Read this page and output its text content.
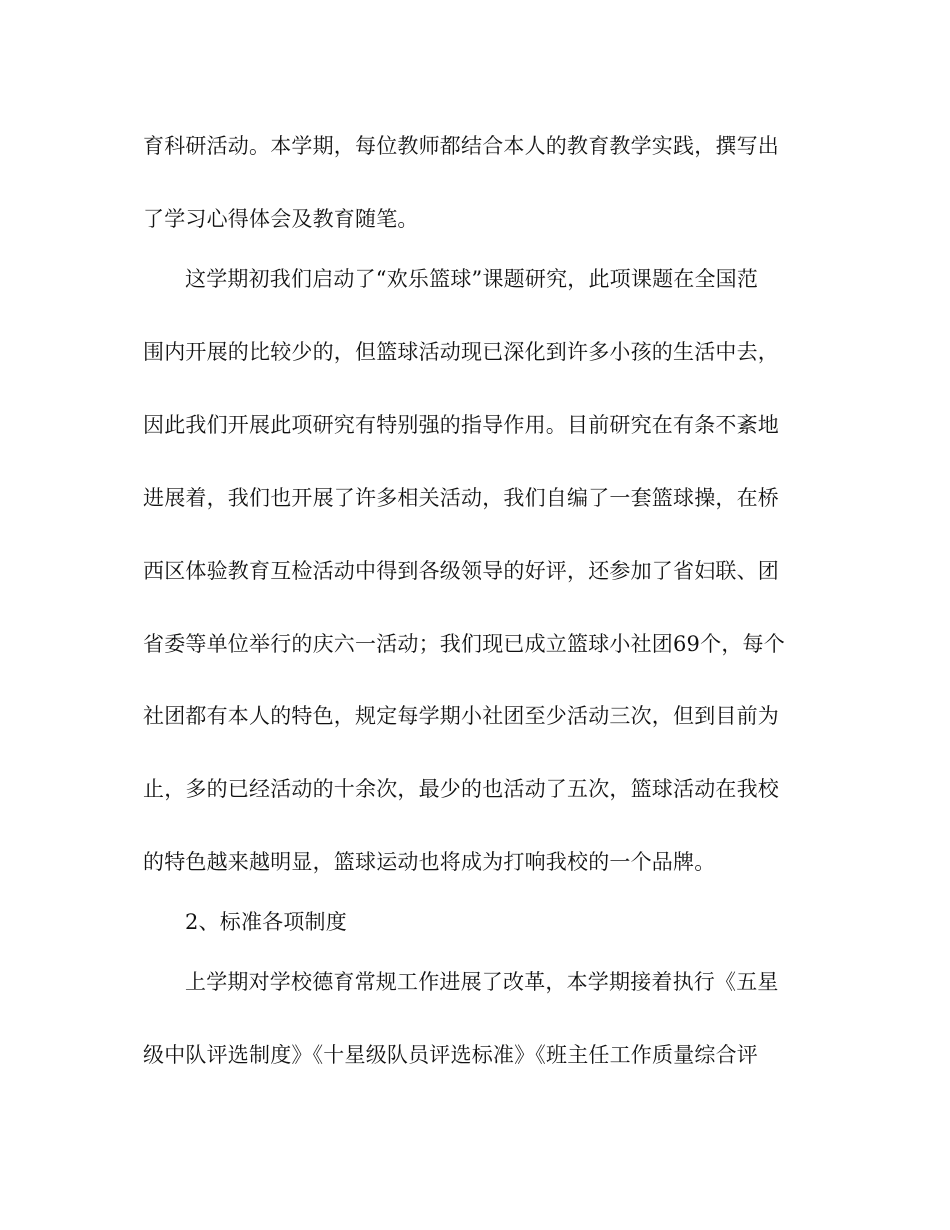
育科研活动。本学期，每位教师都结合本人的教育教学实践，撰写出
了学习心得体会及教育随笔。
这学期初我们启动了“欢乐篮球”课题研究，此项课题在全国范
围内开展的比较少的，但篮球活动现已深化到许多小孩的生活中去，
因此我们开展此项研究有特别强的指导作用。目前研究在有条不紊地
进展着，我们也开展了许多相关活动，我们自编了一套篮球操，在桥
西区体验教育互检活动中得到各级领导的好评，还参加了省妇联、团
省委等单位举行的庆六一活动；我们现已成立篮球小社团69个，每个
社团都有本人的特色，规定每学期小社团至少活动三次，但到目前为
止，多的已经活动的十余次，最少的也活动了五次，篮球活动在我校
的特色越来越明显，篮球运动也将成为打响我校的一个品牌。
2、标准各项制度
上学期对学校德育常规工作进展了改革，本学期接着执行《五星
级中队评选制度》《十星级队员评选标准》《班主任工作质量综合评
